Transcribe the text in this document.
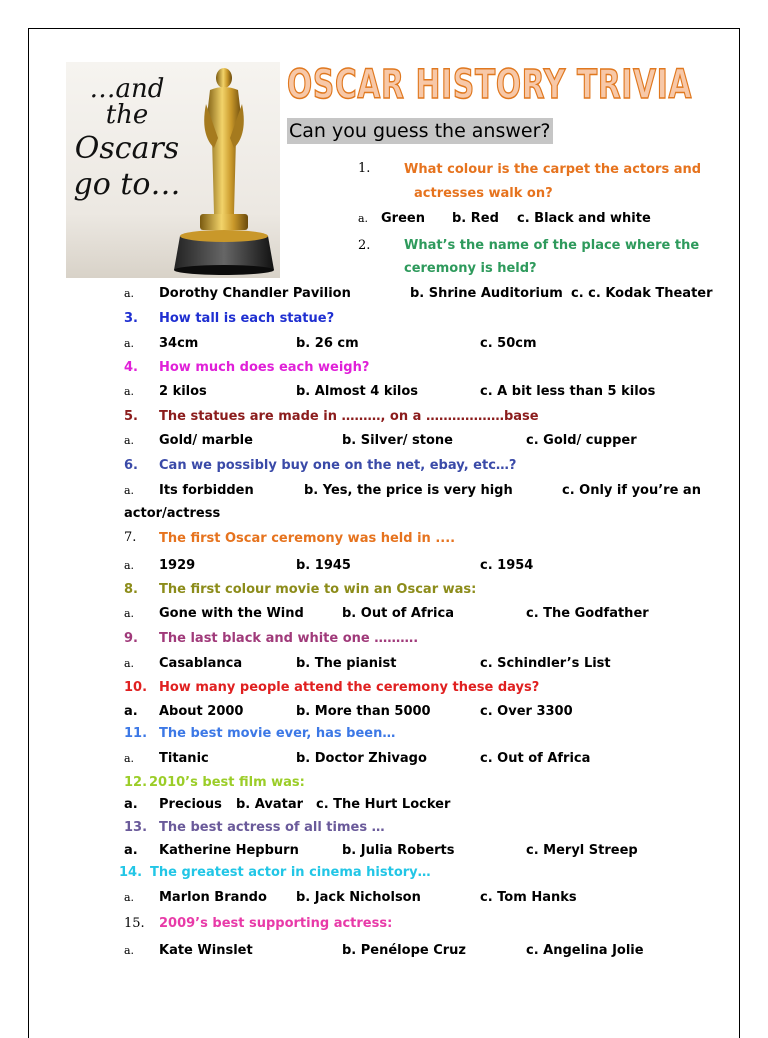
…and the
Oscars
go to…
OSCAR HISTORY TRIVIA
Can you guess the answer?
1.	What colour is the carpet the actors and
actresses walk on?
a. Green b. Red c. Black and white
2.	What’s the name of the place where the
ceremony is held?
a. Dorothy Chandler Pavilion	b. Shrine Auditorium c. c. Kodak Theater
3. How tall is each statue?
a. 34cm	b. 26 cm	c. 50cm
4. How much does each weigh?
a. 2 kilos	b. Almost 4 kilos	c. A bit less than 5 kilos
5. The statues are made in ………, on a ………………base
a. Gold/ marble	b. Silver/ stone	c. Gold/ cupper
6. Can we possibly buy one on the net, ebay, etc…?
a. Its forbidden	b. Yes, the price is very high	c. Only if you’re an
actor/actress
7. The first Oscar ceremony was held in ....
a. 1929	b. 1945	c. 1954
8. The first colour movie to win an Oscar was:
a. Gone with the Wind	b. Out of Africa	c. The Godfather
9. The last black and white one ……….
a. Casablanca	b. The pianist	c. Schindler’s List
10. How many people attend the ceremony these days?
a. About 2000	b. More than 5000	c. Over 3300
11. The best movie ever, has been…
a. Titanic	b. Doctor Zhivago	c. Out of Africa
12. 2010’s best film was:
a. Precious b. Avatar c. The Hurt Locker
13. The best actress of all times …
a. Katherine Hepburn	b. Julia Roberts	c. Meryl Streep
14. The greatest actor in cinema history…
a. Marlon Brando b. Jack Nicholson	c. Tom Hanks
15. 2009’s best supporting actress:
a. Kate Winslet	b. Penélope Cruz	c. Angelina Jolie
